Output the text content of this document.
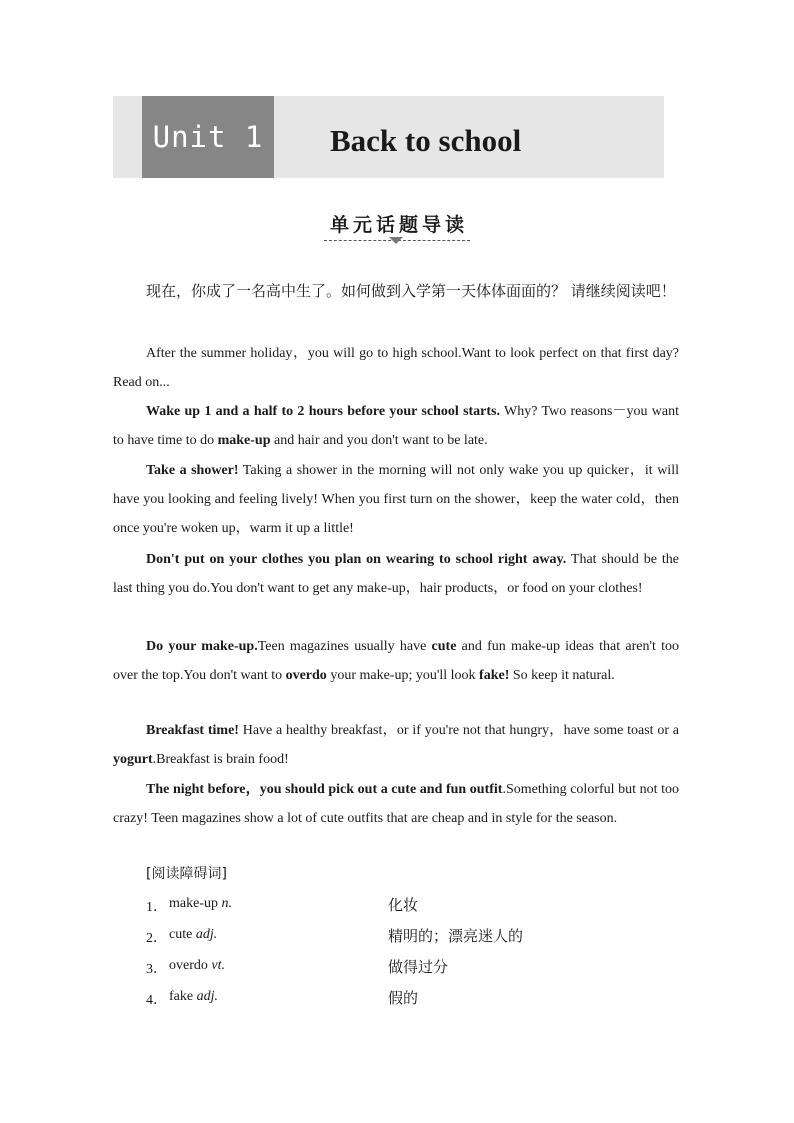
Unit 1	Back to school
单元话题导读

现在，你成了一名高中生了。如何做到入学第一天体体面面的？ 请继续阅读吧！

After the summer holiday，you will go to high school.Want to look perfect on that first day? Read on...

Wake up 1 and a half to 2 hours before your school starts. Why? Two reasons－you want to have time to do make-up and hair and you don't want to be late.

Take a shower! Taking a shower in the morning will not only wake you up quicker，it will have you looking and feeling lively! When you first turn on the shower，keep the water cold，then once you're woken up，warm it up a little!

Don't put on your clothes you plan on wearing to school right away. That should be the last thing you do.You don't want to get any make-up，hair products，or food on your clothes!

Do your make-up.Teen magazines usually have cute and fun make-up ideas that aren't too over the top.You don't want to overdo your make-up; you'll look fake! So keep it natural.

Breakfast time! Have a healthy breakfast，or if you're not that hungry，have some toast or a yogurt.Breakfast is brain food!

The night before，you should pick out a cute and fun outfit.Something colorful but not too crazy! Teen magazines show a lot of cute outfits that are cheap and in style for the season.

[阅读障碍词]
1． make-up n.	化妆
2． cute adj.	精明的；漂亮迷人的
3． overdo vt.	做得过分
4． fake adj.	假的
